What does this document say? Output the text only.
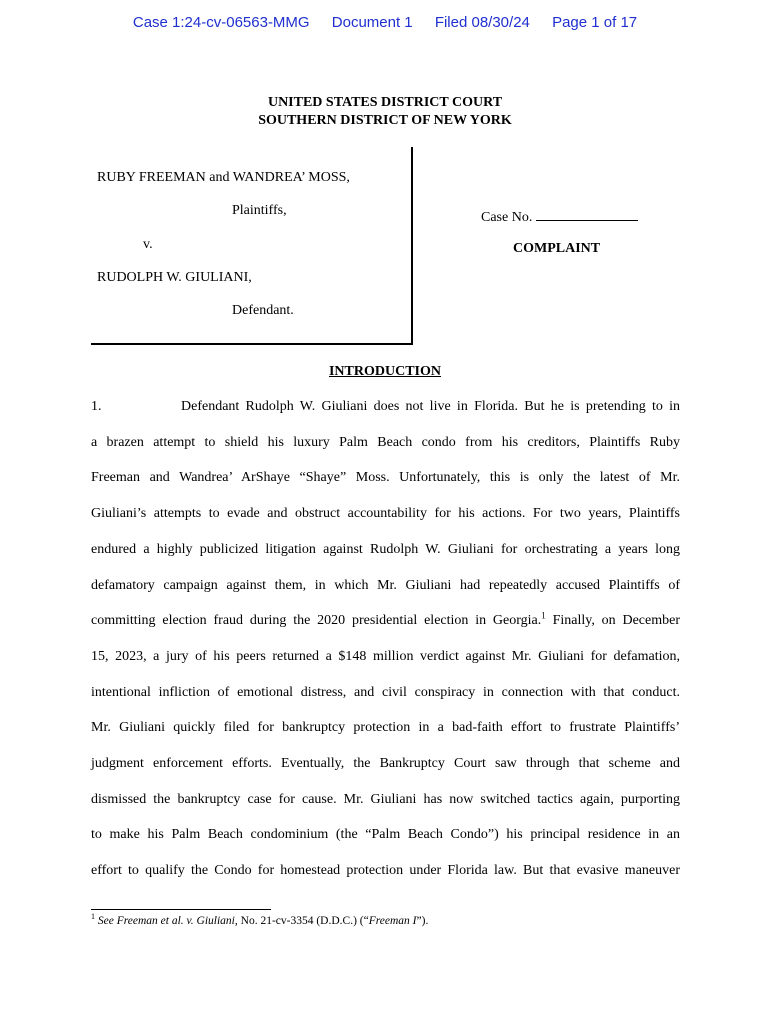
Case 1:24-cv-06563-MMG Document 1 Filed 08/30/24 Page 1 of 17
UNITED STATES DISTRICT COURT
SOUTHERN DISTRICT OF NEW YORK
RUBY FREEMAN and WANDREA’ MOSS,
Plaintiffs,
v.
RUDOLPH W. GIULIANI,
Defendant.
Case No.
COMPLAINT
INTRODUCTION
1.	Defendant Rudolph W. Giuliani does not live in Florida. But he is pretending to in
a brazen attempt to shield his luxury Palm Beach condo from his creditors, Plaintiffs Ruby
Freeman and Wandrea’ ArShaye “Shaye” Moss. Unfortunately, this is only the latest of Mr.
Giuliani’s attempts to evade and obstruct accountability for his actions. For two years, Plaintiffs
endured a highly publicized litigation against Rudolph W. Giuliani for orchestrating a years long
defamatory campaign against them, in which Mr. Giuliani had repeatedly accused Plaintiffs of
committing election fraud during the 2020 presidential election in Georgia.$^1$ Finally, on December
15, 2023, a jury of his peers returned a $148 million verdict against Mr. Giuliani for defamation,
intentional infliction of emotional distress, and civil conspiracy in connection with that conduct.
Mr. Giuliani quickly filed for bankruptcy protection in a bad-faith effort to frustrate Plaintiffs’
judgment enforcement efforts. Eventually, the Bankruptcy Court saw through that scheme and
dismissed the bankruptcy case for cause. Mr. Giuliani has now switched tactics again, purporting
to make his Palm Beach condominium (the “Palm Beach Condo”) his principal residence in an
effort to qualify the Condo for homestead protection under Florida law. But that evasive maneuver
$^1$ See Freeman et al. v. Giuliani, No. 21-cv-3354 (D.D.C.) (“Freeman I”).
